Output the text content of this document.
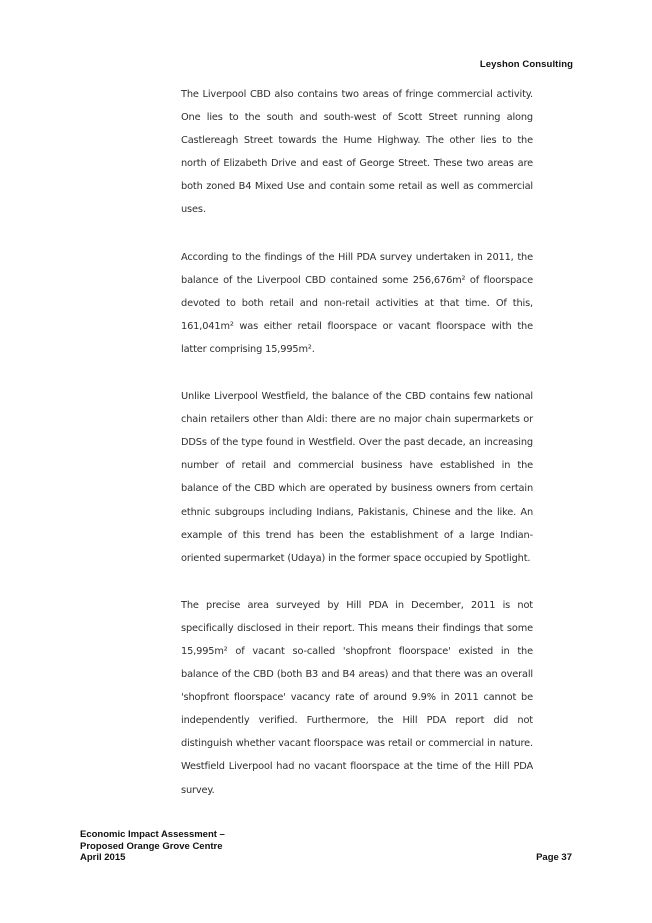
Leyshon Consulting

The Liverpool CBD also contains two areas of fringe commercial activity. One lies to the south and south-west of Scott Street running along Castlereagh Street towards the Hume Highway. The other lies to the north of Elizabeth Drive and east of George Street. These two areas are both zoned B4 Mixed Use and contain some retail as well as commercial uses.

According to the findings of the Hill PDA survey undertaken in 2011, the balance of the Liverpool CBD contained some 256,676m² of floorspace devoted to both retail and non-retail activities at that time. Of this, 161,041m² was either retail floorspace or vacant floorspace with the latter comprising 15,995m².

Unlike Liverpool Westfield, the balance of the CBD contains few national chain retailers other than Aldi: there are no major chain supermarkets or DDSs of the type found in Westfield. Over the past decade, an increasing number of retail and commercial business have established in the balance of the CBD which are operated by business owners from certain ethnic subgroups including Indians, Pakistanis, Chinese and the like. An example of this trend has been the establishment of a large Indian-oriented supermarket (Udaya) in the former space occupied by Spotlight.

The precise area surveyed by Hill PDA in December, 2011 is not specifically disclosed in their report. This means their findings that some 15,995m² of vacant so-called 'shopfront floorspace' existed in the balance of the CBD (both B3 and B4 areas) and that there was an overall 'shopfront floorspace' vacancy rate of around 9.9% in 2011 cannot be independently verified. Furthermore, the Hill PDA report did not distinguish whether vacant floorspace was retail or commercial in nature. Westfield Liverpool had no vacant floorspace at the time of the Hill PDA survey.

Economic Impact Assessment –
Proposed Orange Grove Centre
April 2015	Page 37
